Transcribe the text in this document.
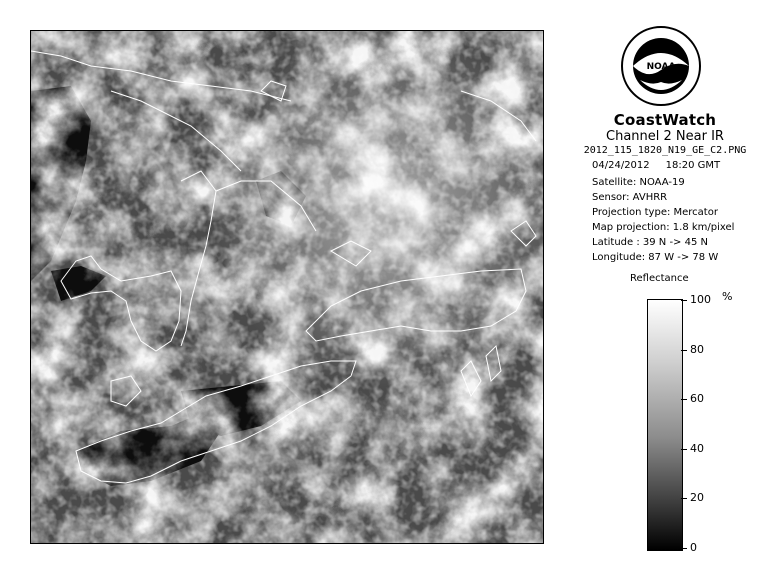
NOAA
CoastWatch
Channel 2 Near IR
2012_115_1820_N19_GE_C2.PNG
04/24/2012 18:20 GMT
Satellite: NOAA-19
Sensor: AVHRR
Projection type: Mercator
Map projection: 1.8 km/pixel
Latitude : 39 N -> 45 N
Longitude: 87 W -> 78 W
Reflectance
%
100
80
60
40
20
0
